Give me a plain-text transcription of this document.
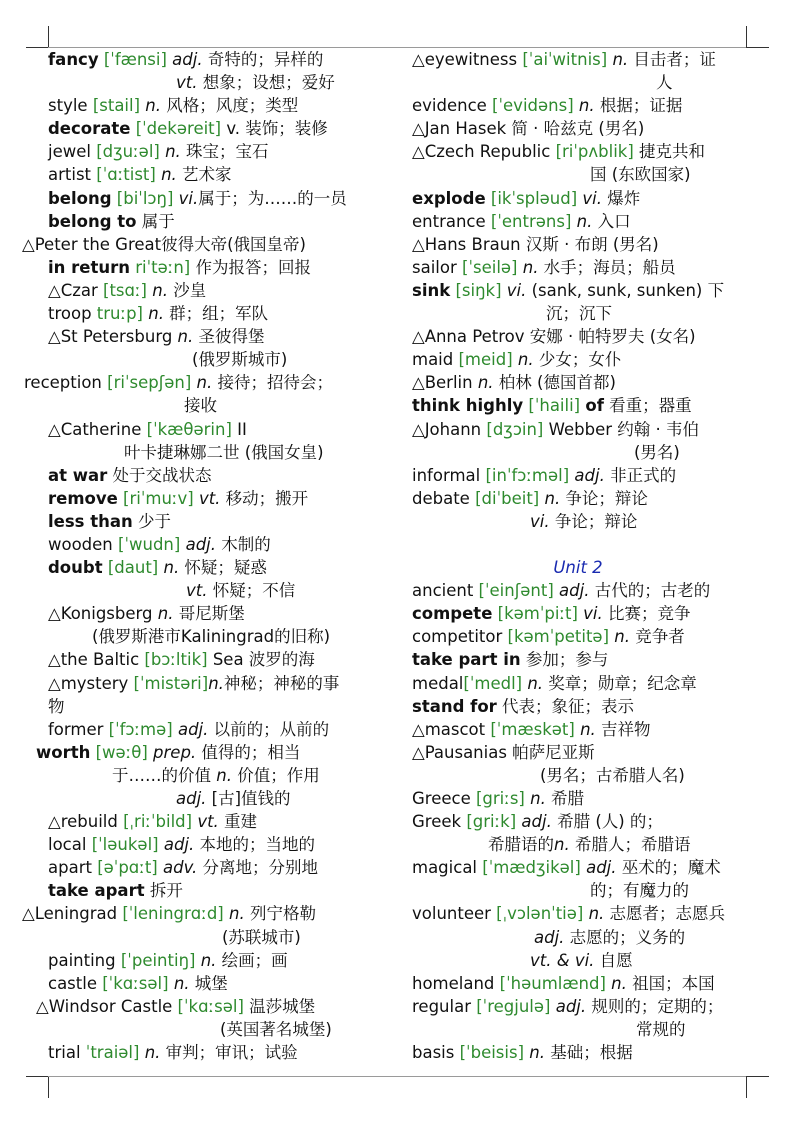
fancy [ˈfænsi] adj. 奇特的；异样的
vt. 想象；设想；爱好
style [stail] n. 风格；风度；类型
decorate [ˈdekəreit] v. 装饰；装修
jewel [dʒuːəl] n. 珠宝；宝石
artist [ˈɑːtist] n. 艺术家
belong [biˈlɔŋ] vi.属于；为……的一员
belong to 属于
△Peter the Great彼得大帝(俄国皇帝)
in return riˈtəːn] 作为报答；回报
△Czar [tsɑː] n. 沙皇
troop truːp] n. 群；组；军队
△St Petersburg n. 圣彼得堡
(俄罗斯城市)
reception [riˈsepʃən] n. 接待；招待会；
接收
△Catherine [ˈkæθərin] II
叶卡捷琳娜二世 (俄国女皇)
at war 处于交战状态
remove [riˈmuːv] vt. 移动；搬开
less than 少于
wooden [ˈwudn] adj. 木制的
doubt [daut] n. 怀疑；疑惑
vt. 怀疑；不信
△Konigsberg n. 哥尼斯堡
(俄罗斯港市Kaliningrad的旧称)
△the Baltic [bɔːltik] Sea 波罗的海
△mystery [ˈmistəri]n.神秘；神秘的事
物
former [ˈfɔːmə] adj. 以前的；从前的
worth [wəːθ] prep. 值得的；相当
于……的价值 n. 价值；作用
adj. [古]值钱的
△rebuild [ˌriːˈbild] vt. 重建
local [ˈləukəl] adj. 本地的；当地的
apart [əˈpɑːt] adv. 分离地；分别地
take apart 拆开
△Leningrad [ˈleningrɑːd] n. 列宁格勒
(苏联城市)
painting [ˈpeintiŋ] n. 绘画；画
castle [ˈkɑːsəl] n. 城堡
△Windsor Castle [ˈkɑːsəl] 温莎城堡
(英国著名城堡)
trial ˈtraiəl] n. 审判；审讯；试验
△eyewitness [ˈaiˈwitnis] n. 目击者；证
人
evidence [ˈevidəns] n. 根据；证据
△Jan Hasek 简 · 哈兹克 (男名)
△Czech Republic [riˈpʌblik] 捷克共和
国 (东欧国家)
explode [ikˈspləud] vi. 爆炸
entrance [ˈentrəns] n. 入口
△Hans Braun 汉斯 · 布朗 (男名)
sailor [ˈseilə] n. 水手；海员；船员
sink [siŋk] vi. (sank, sunk, sunken) 下
沉；沉下
△Anna Petrov 安娜 · 帕特罗夫 (女名)
maid [meid] n. 少女；女仆
△Berlin n. 柏林 (德国首都)
think highly [ˈhaili] of 看重；器重
△Johann [dʒɔin] Webber 约翰 · 韦伯
(男名)
informal [inˈfɔːməl] adj. 非正式的
debate [diˈbeit] n. 争论；辩论
vi. 争论；辩论
Unit 2
ancient [ˈeinʃənt] adj. 古代的；古老的
compete [kəmˈpiːt] vi. 比赛；竞争
competitor [kəmˈpetitə] n. 竞争者
take part in 参加；参与
medal[ˈmedl] n. 奖章；勋章；纪念章
stand for 代表；象征；表示
△mascot [ˈmæskət] n. 吉祥物
△Pausanias 帕萨尼亚斯
(男名；古希腊人名)
Greece [griːs] n. 希腊
Greek [griːk] adj. 希腊 (人) 的；
希腊语的n. 希腊人；希腊语
magical [ˈmædʒikəl] adj. 巫术的；魔术
的；有魔力的
volunteer [ˌvɔlənˈtiə] n. 志愿者；志愿兵
adj. 志愿的；义务的
vt. & vi. 自愿
homeland [ˈhəumlænd] n. 祖国；本国
regular [ˈregjulə] adj. 规则的；定期的；
常规的
basis [ˈbeisis] n. 基础；根据
